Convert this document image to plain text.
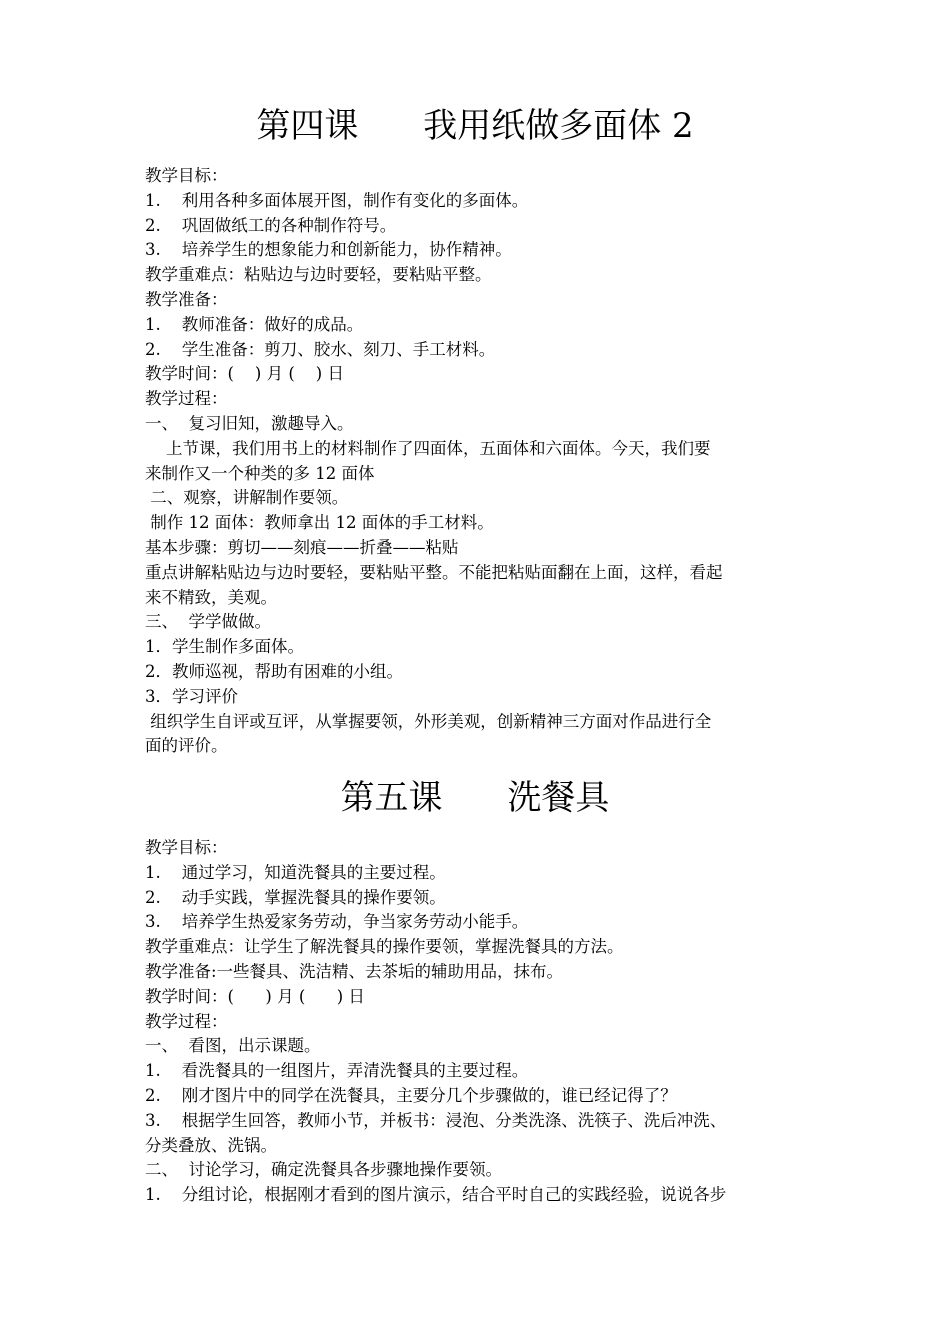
第四课      我用纸做多面体 2
教学目标：
1.    利用各种多面体展开图，制作有变化的多面体。
2.    巩固做纸工的各种制作符号。
3.    培养学生的想象能力和创新能力，协作精神。
教学重难点：粘贴边与边时要轻，要粘贴平整。
教学准备：
1.    教师准备：做好的成品。
2.    学生准备：剪刀、胶水、刻刀、手工材料。
教学时间：(    ) 月 (    ) 日
教学过程：
一、  复习旧知，激趣导入。
上节课，我们用书上的材料制作了四面体，五面体和六面体。今天，我们要
来制作又一个种类的多 12 面体
二、观察，讲解制作要领。
制作 12 面体：教师拿出 12 面体的手工材料。
基本步骤：剪切——刻痕——折叠——粘贴
重点讲解粘贴边与边时要轻，要粘贴平整。不能把粘贴面翻在上面，这样，看起
来不精致，美观。
三、  学学做做。
1．学生制作多面体。
2．教师巡视，帮助有困难的小组。
3．学习评价
组织学生自评或互评，从掌握要领，外形美观，创新精神三方面对作品进行全
面的评价。
第五课      洗餐具
教学目标：
1.    通过学习，知道洗餐具的主要过程。
2.    动手实践，掌握洗餐具的操作要领。
3.    培养学生热爱家务劳动，争当家务劳动小能手。
教学重难点：让学生了解洗餐具的操作要领，掌握洗餐具的方法。
教学准备:一些餐具、洗洁精、去茶垢的辅助用品，抹布。
教学时间：(      ) 月 (      ) 日
教学过程：
一、  看图，出示课题。
1.    看洗餐具的一组图片，弄清洗餐具的主要过程。
2.    刚才图片中的同学在洗餐具，主要分几个步骤做的，谁已经记得了？
3.    根据学生回答，教师小节，并板书：浸泡、分类洗涤、洗筷子、洗后冲洗、
分类叠放、洗锅。
二、  讨论学习，确定洗餐具各步骤地操作要领。
1.    分组讨论，根据刚才看到的图片演示，结合平时自己的实践经验，说说各步
